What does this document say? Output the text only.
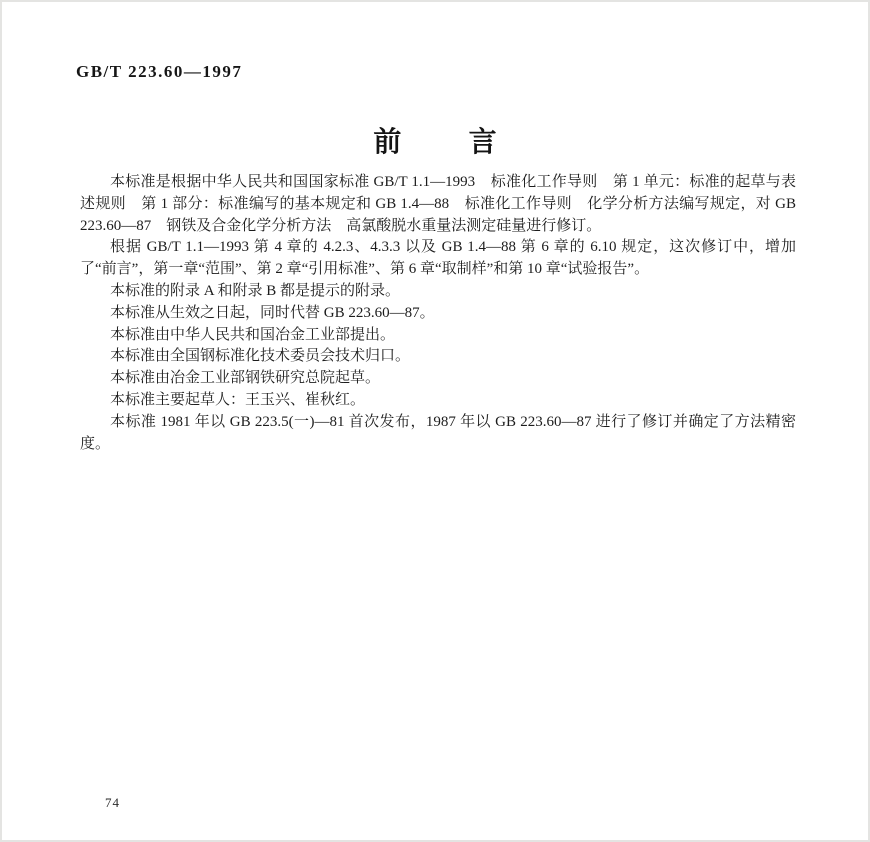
GB/T 223.60—1997
前言

本标准是根据中华人民共和国国家标准 GB/T 1.1—1993　标准化工作导则　第 1 单元：标准的起草与表述规则　第 1 部分：标准编写的基本规定和 GB 1.4—88　标准化工作导则　化学分析方法编写规定，对 GB 223.60—87　钢铁及合金化学分析方法　高氯酸脱水重量法测定硅量进行修订。

根据 GB/T 1.1—1993 第 4 章的 4.2.3、4.3.3 以及 GB 1.4—88 第 6 章的 6.10 规定，这次修订中，增加了“前言”，第一章“范围”、第 2 章“引用标准”、第 6 章“取制样”和第 10 章“试验报告”。

本标准的附录 A 和附录 B 都是提示的附录。

本标准从生效之日起，同时代替 GB 223.60—87。

本标准由中华人民共和国冶金工业部提出。

本标准由全国钢标准化技术委员会技术归口。

本标准由冶金工业部钢铁研究总院起草。

本标准主要起草人：王玉兴、崔秋红。

本标准 1981 年以 GB 223.5(一)—81 首次发布，1987 年以 GB 223.60—87 进行了修订并确定了方法精密度。

74
